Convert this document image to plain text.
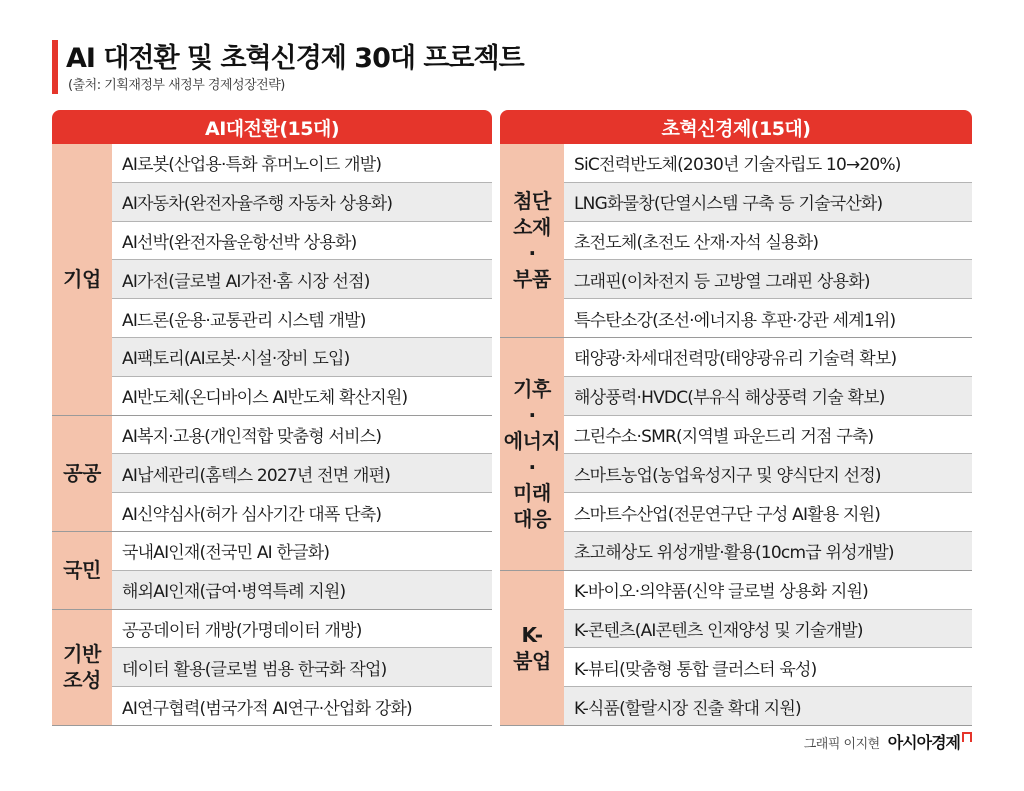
AI 대전환 및 초혁신경제 30대 프로젝트
(출처: 기획재정부 새정부 경제성장전략)
AI대전환(15대)
기업
AI로봇(산업용·특화 휴머노이드 개발)
AI자동차(완전자율주행 자동차 상용화)
AI선박(완전자율운항선박 상용화)
AI가전(글로벌 AI가전·홈 시장 선점)
AI드론(운용·교통관리 시스템 개발)
AI팩토리(AI로봇·시설·장비 도입)
AI반도체(온디바이스 AI반도체 확산지원)
공공
AI복지·고용(개인적합 맞춤형 서비스)
AI납세관리(홈텍스 2027년 전면 개편)
AI신약심사(허가 심사기간 대폭 단축)
국민
국내AI인재(전국민 AI 한글화)
해외AI인재(급여·병역특례 지원)
기반
조성
공공데이터 개방(가명데이터 개방)
데이터 활용(글로벌 범용 한국화 작업)
AI연구협력(범국가적 AI연구·산업화 강화)
초혁신경제(15대)
첨단
소재
·
부품
SiC전력반도체(2030년 기술자립도 10→20%)
LNG화물창(단열시스템 구축 등 기술국산화)
초전도체(초전도 산재·자석 실용화)
그래핀(이차전지 등 고방열 그래핀 상용화)
특수탄소강(조선·에너지용 후판·강관 세계1위)
기후
·
에너지
·
미래
대응
태양광·차세대전력망(태양광유리 기술력 확보)
해상풍력·HVDC(부유식 해상풍력 기술 확보)
그린수소·SMR(지역별 파운드리 거점 구축)
스마트농업(농업육성지구 및 양식단지 선정)
스마트수산업(전문연구단 구성 AI활용 지원)
초고해상도 위성개발·활용(10cm급 위성개발)
K-
붐업
K-바이오·의약품(신약 글로벌 상용화 지원)
K-콘텐츠(AI콘텐츠 인재양성 및 기술개발)
K-뷰티(맞춤형 통합 클러스터 육성)
K-식품(할랄시장 진출 확대 지원)
그래픽 이지현 아시아경제
